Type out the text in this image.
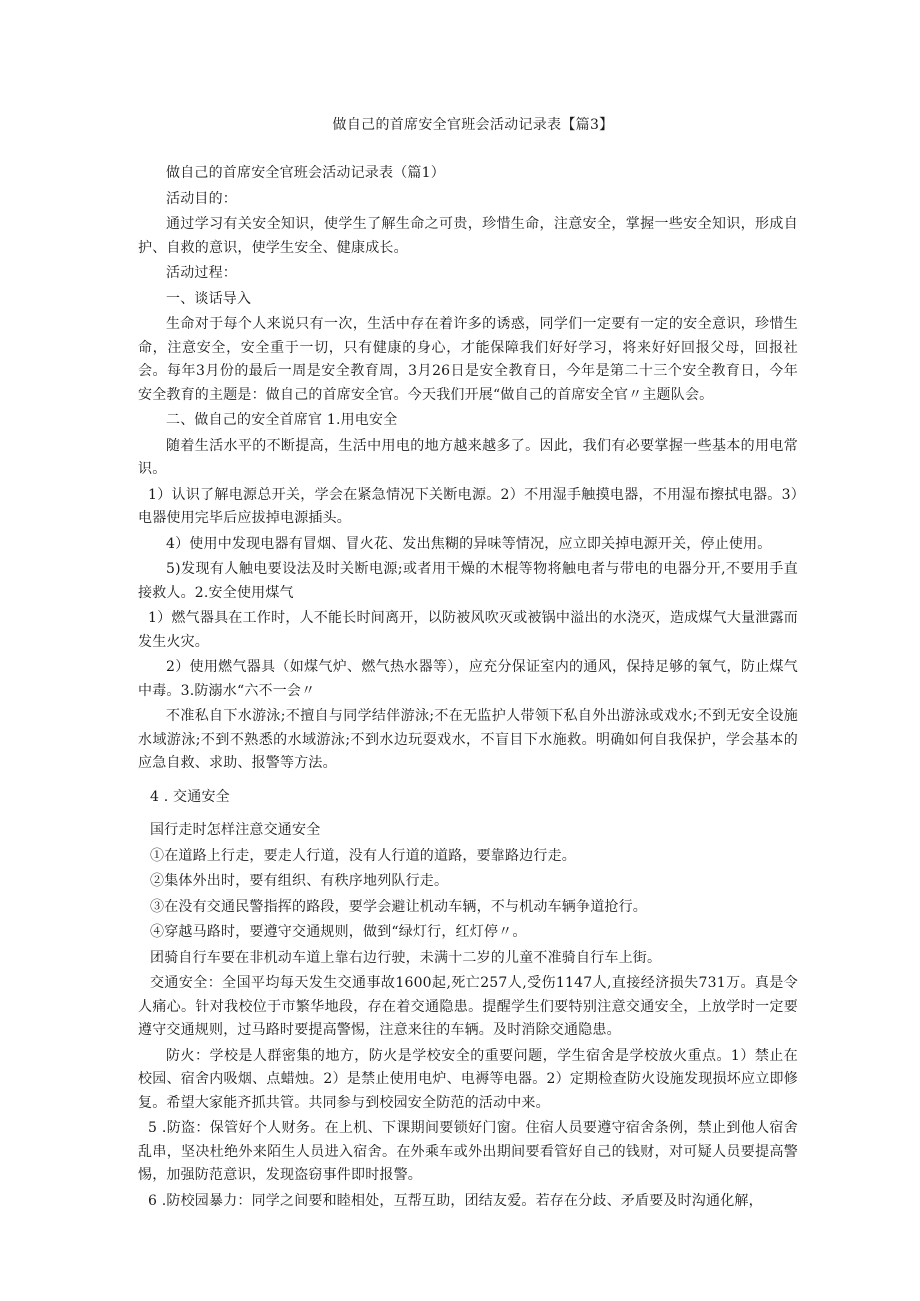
做自己的首席安全官班会活动记录表【篇3】

做自己的首席安全官班会活动记录表（篇1）

活动目的：

通过学习有关安全知识，使学生了解生命之可贵，珍惜生命，注意安全，掌握一些安全知识，形成自护、自救的意识，使学生安全、健康成长。

活动过程：

一、谈话导入

生命对于每个人来说只有一次，生活中存在着许多的诱惑，同学们一定要有一定的安全意识，珍惜生命，注意安全，安全重于一切，只有健康的身心，才能保障我们好好学习，将来好好回报父母，回报社会。每年3月份的最后一周是安全教育周，3月26日是安全教育日，今年是第二十三个安全教育日，今年安全教育的主题是：做自己的首席安全官。今天我们开展“做自己的首席安全官〃主题队会。

二、做自己的安全首席官 1.用电安全

随着生活水平的不断提高，生活中用电的地方越来越多了。因此，我们有必要掌握一些基本的用电常识。

1）认识了解电源总开关，学会在紧急情况下关断电源。2）不用湿手触摸电器，不用湿布擦拭电器。3）电器使用完毕后应拔掉电源插头。

4）使用中发现电器有冒烟、冒火花、发出焦糊的异味等情况，应立即关掉电源开关，停止使用。

5)发现有人触电要设法及时关断电源;或者用干燥的木棍等物将触电者与带电的电器分开,不要用手直接救人。2.安全使用煤气

1）燃气器具在工作时，人不能长时间离开，以防被风吹灭或被锅中溢出的水浇灭，造成煤气大量泄露而发生火灾。

2）使用燃气器具（如煤气炉、燃气热水器等），应充分保证室内的通风，保持足够的氧气，防止煤气中毒。3.防溺水“六不一会〃

不准私自下水游泳;不擅自与同学结伴游泳;不在无监护人带领下私自外出游泳或戏水;不到无安全设施水域游泳;不到不熟悉的水域游泳;不到水边玩耍戏水，不盲目下水施救。明确如何自我保护，学会基本的应急自救、求助、报警等方法。

4 . 交通安全

国行走时怎样注意交通安全

①在道路上行走，要走人行道，没有人行道的道路，要靠路边行走。

②集体外出时，要有组织、有秩序地列队行走。

③在没有交通民警指挥的路段，要学会避让机动车辆，不与机动车辆争道抢行。

④穿越马路时，要遵守交通规则，做到“绿灯行，红灯停〃。

团骑自行车要在非机动车道上靠右边行驶，未满十二岁的儿童不准骑自行车上街。

交通安全：全国平均每天发生交通事故1600起,死亡257人,受伤1147人,直接经济损失731万。真是令人痛心。针对我校位于市繁华地段，存在着交通隐患。提醒学生们要特别注意交通安全，上放学时一定要遵守交通规则，过马路时要提高警惕，注意来往的车辆。及时消除交通隐患。

防火：学校是人群密集的地方，防火是学校安全的重要问题，学生宿舍是学校放火重点。1）禁止在校园、宿舍内吸烟、点蜡烛。2）是禁止使用电炉、电褥等电器。2）定期检查防火设施发现损坏应立即修复。希望大家能齐抓共管。共同参与到校园安全防范的活动中来。

5 .防盗：保管好个人财务。在上机、下课期间要锁好门窗。住宿人员要遵守宿舍条例，禁止到他人宿舍乱串，坚决杜绝外来陌生人员进入宿舍。在外乘车或外出期间要看管好自己的钱财，对可疑人员要提高警惕，加强防范意识，发现盗窃事件即时报警。

6 .防校园暴力：同学之间要和睦相处，互帮互助，团结友爱。若存在分歧、矛盾要及时沟通化解，
